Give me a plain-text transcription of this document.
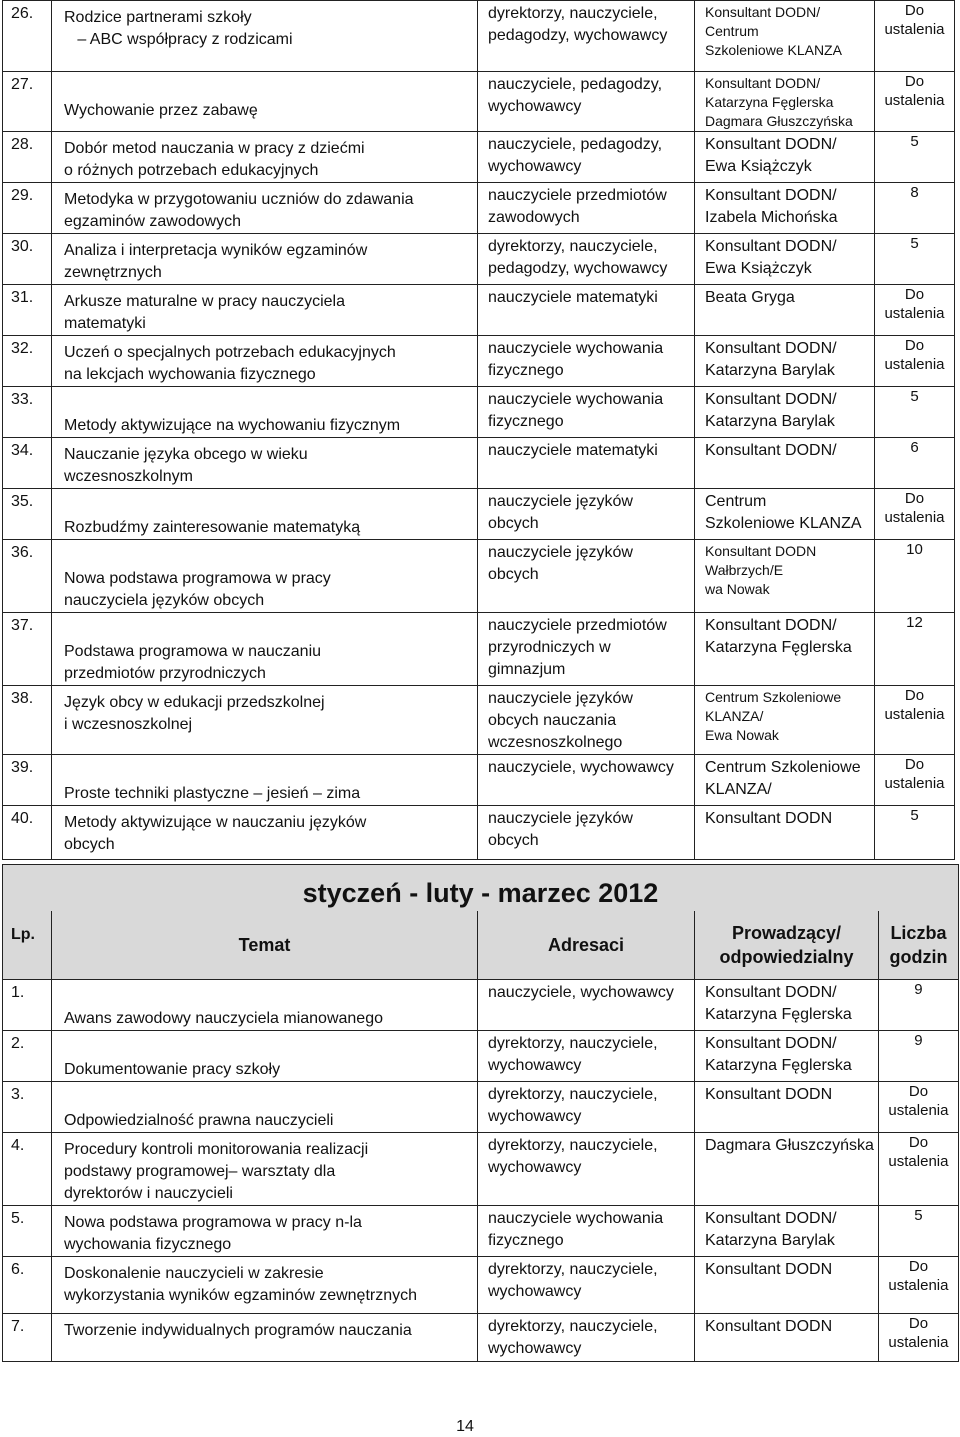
26.	Rodzice partnerami szkoły
– ABC współpracy z rodzicami	dyrektorzy, nauczyciele,
pedagodzy, wychowawcy	Konsultant DODN/
Centrum
Szkoleniowe KLANZA	Do
ustalenia

27.	Wychowanie przez zabawę	nauczyciele, pedagodzy,
wychowawcy	Konsultant DODN/
Katarzyna Fęglerska
Dagmara Głuszczyńska	Do
ustalenia

28.	Dobór metod nauczania w pracy z dziećmi
o różnych potrzebach edukacyjnych	nauczyciele, pedagodzy,
wychowawcy	Konsultant DODN/
Ewa Książczyk	5

29.	Metodyka w przygotowaniu uczniów do zdawania
egzaminów zawodowych	nauczyciele przedmiotów
zawodowych	Konsultant DODN/
Izabela Michońska	8

30.	Analiza i interpretacja wyników egzaminów
zewnętrznych	dyrektorzy, nauczyciele,
pedagodzy, wychowawcy	Konsultant DODN/
Ewa Książczyk	5

31.	Arkusze maturalne w pracy nauczyciela
matematyki	nauczyciele matematyki	Beata Gryga	Do
ustalenia

32.	Uczeń o specjalnych potrzebach edukacyjnych
na lekcjach wychowania fizycznego	nauczyciele wychowania
fizycznego	Konsultant DODN/
Katarzyna Barylak	Do
ustalenia

33.	Metody aktywizujące na wychowaniu fizycznym	nauczyciele wychowania
fizycznego	Konsultant DODN/
Katarzyna Barylak	5

34.	Nauczanie języka obcego w wieku
wczesnoszkolnym	nauczyciele matematyki	Konsultant DODN/	6

35.	Rozbudźmy zainteresowanie matematyką	nauczyciele języków
obcych	Centrum
Szkoleniowe KLANZA	Do
ustalenia

36.	Nowa podstawa programowa w pracy
nauczyciela języków obcych	nauczyciele języków
obcych	Konsultant DODN
Wałbrzych/E
wa Nowak	10

37.	Podstawa programowa w nauczaniu
przedmiotów przyrodniczych	nauczyciele przedmiotów
przyrodniczych w
gimnazjum	Konsultant DODN/
Katarzyna Fęglerska	12

38.	Język obcy w edukacji przedszkolnej
i wczesnoszkolnej	nauczyciele języków
obcych nauczania
wczesnoszkolnego	Centrum Szkoleniowe
KLANZA/
Ewa Nowak	Do
ustalenia

39.	Proste techniki plastyczne – jesień – zima	nauczyciele, wychowawcy	Centrum Szkoleniowe
KLANZA/	Do
ustalenia

40.	Metody aktywizujące w nauczaniu języków
obcych	nauczyciele języków
obcych	Konsultant DODN	5
styczeń - luty - marzec 2012				

Lp.	Temat	Adresaci	Prowadzący/
odpowiedzialny	Liczba
godzin

1.	Awans zawodowy nauczyciela mianowanego	nauczyciele, wychowawcy	Konsultant DODN/
Katarzyna Fęglerska	9

2.	Dokumentowanie pracy szkoły	dyrektorzy, nauczyciele,
wychowawcy	Konsultant DODN/
Katarzyna Fęglerska	9

3.	Odpowiedzialność prawna nauczycieli	dyrektorzy, nauczyciele,
wychowawcy	Konsultant DODN	Do
ustalenia

4.	Procedury kontroli monitorowania realizacji
podstawy programowej– warsztaty dla
dyrektorów i nauczycieli	dyrektorzy, nauczyciele,
wychowawcy	Dagmara Głuszczyńska	Do
ustalenia

5.	Nowa podstawa programowa w pracy n-la
wychowania fizycznego	nauczyciele wychowania
fizycznego	Konsultant DODN/
Katarzyna Barylak	5

6.	Doskonalenie nauczycieli w zakresie
wykorzystania wyników egzaminów zewnętrznych	dyrektorzy, nauczyciele,
wychowawcy	Konsultant DODN	Do
ustalenia

7.	Tworzenie indywidualnych programów nauczania	dyrektorzy, nauczyciele,
wychowawcy	Konsultant DODN	Do
ustalenia
14
